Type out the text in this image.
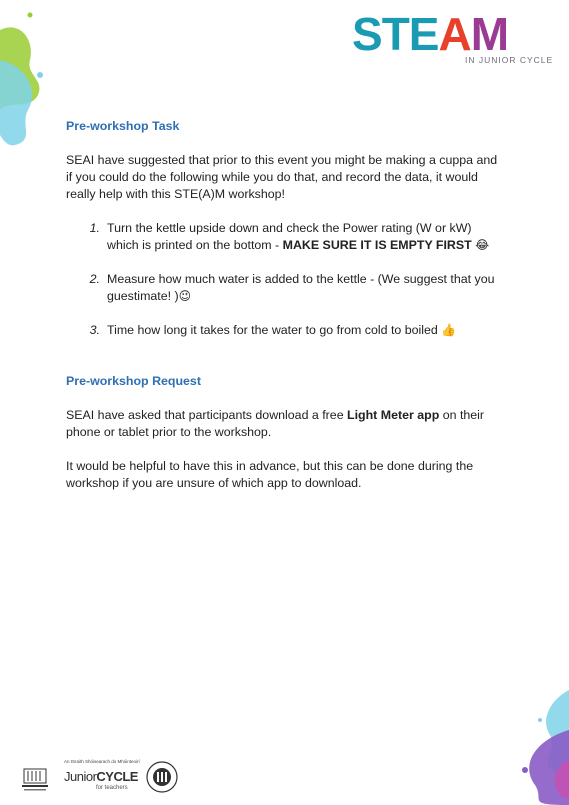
STEAM
IN JUNIOR CYCLE
Pre-workshop Task

SEAI have suggested that prior to this event you might be making a cuppa and if you could do the following while you do that, and record the data, it would really help with this STE(A)M workshop!

1. Turn the kettle upside down and check the Power rating (W or kW) which is printed on the bottom - MAKE SURE IT IS EMPTY FIRST 😂
2. Measure how much water is added to the kettle - (We suggest that you guestimate! )😉
3. Time how long it takes for the water to go from cold to boiled 👍
Pre-workshop Request

SEAI have asked that participants download a free Light Meter app on their phone or tablet prior to the workshop.

It would be helpful to have this in advance, but this can be done during the workshop if you are unsure of which app to download.

An tSraith Shóisearach do Mhúinteoirí
JuniorCYCLE
for teachers
